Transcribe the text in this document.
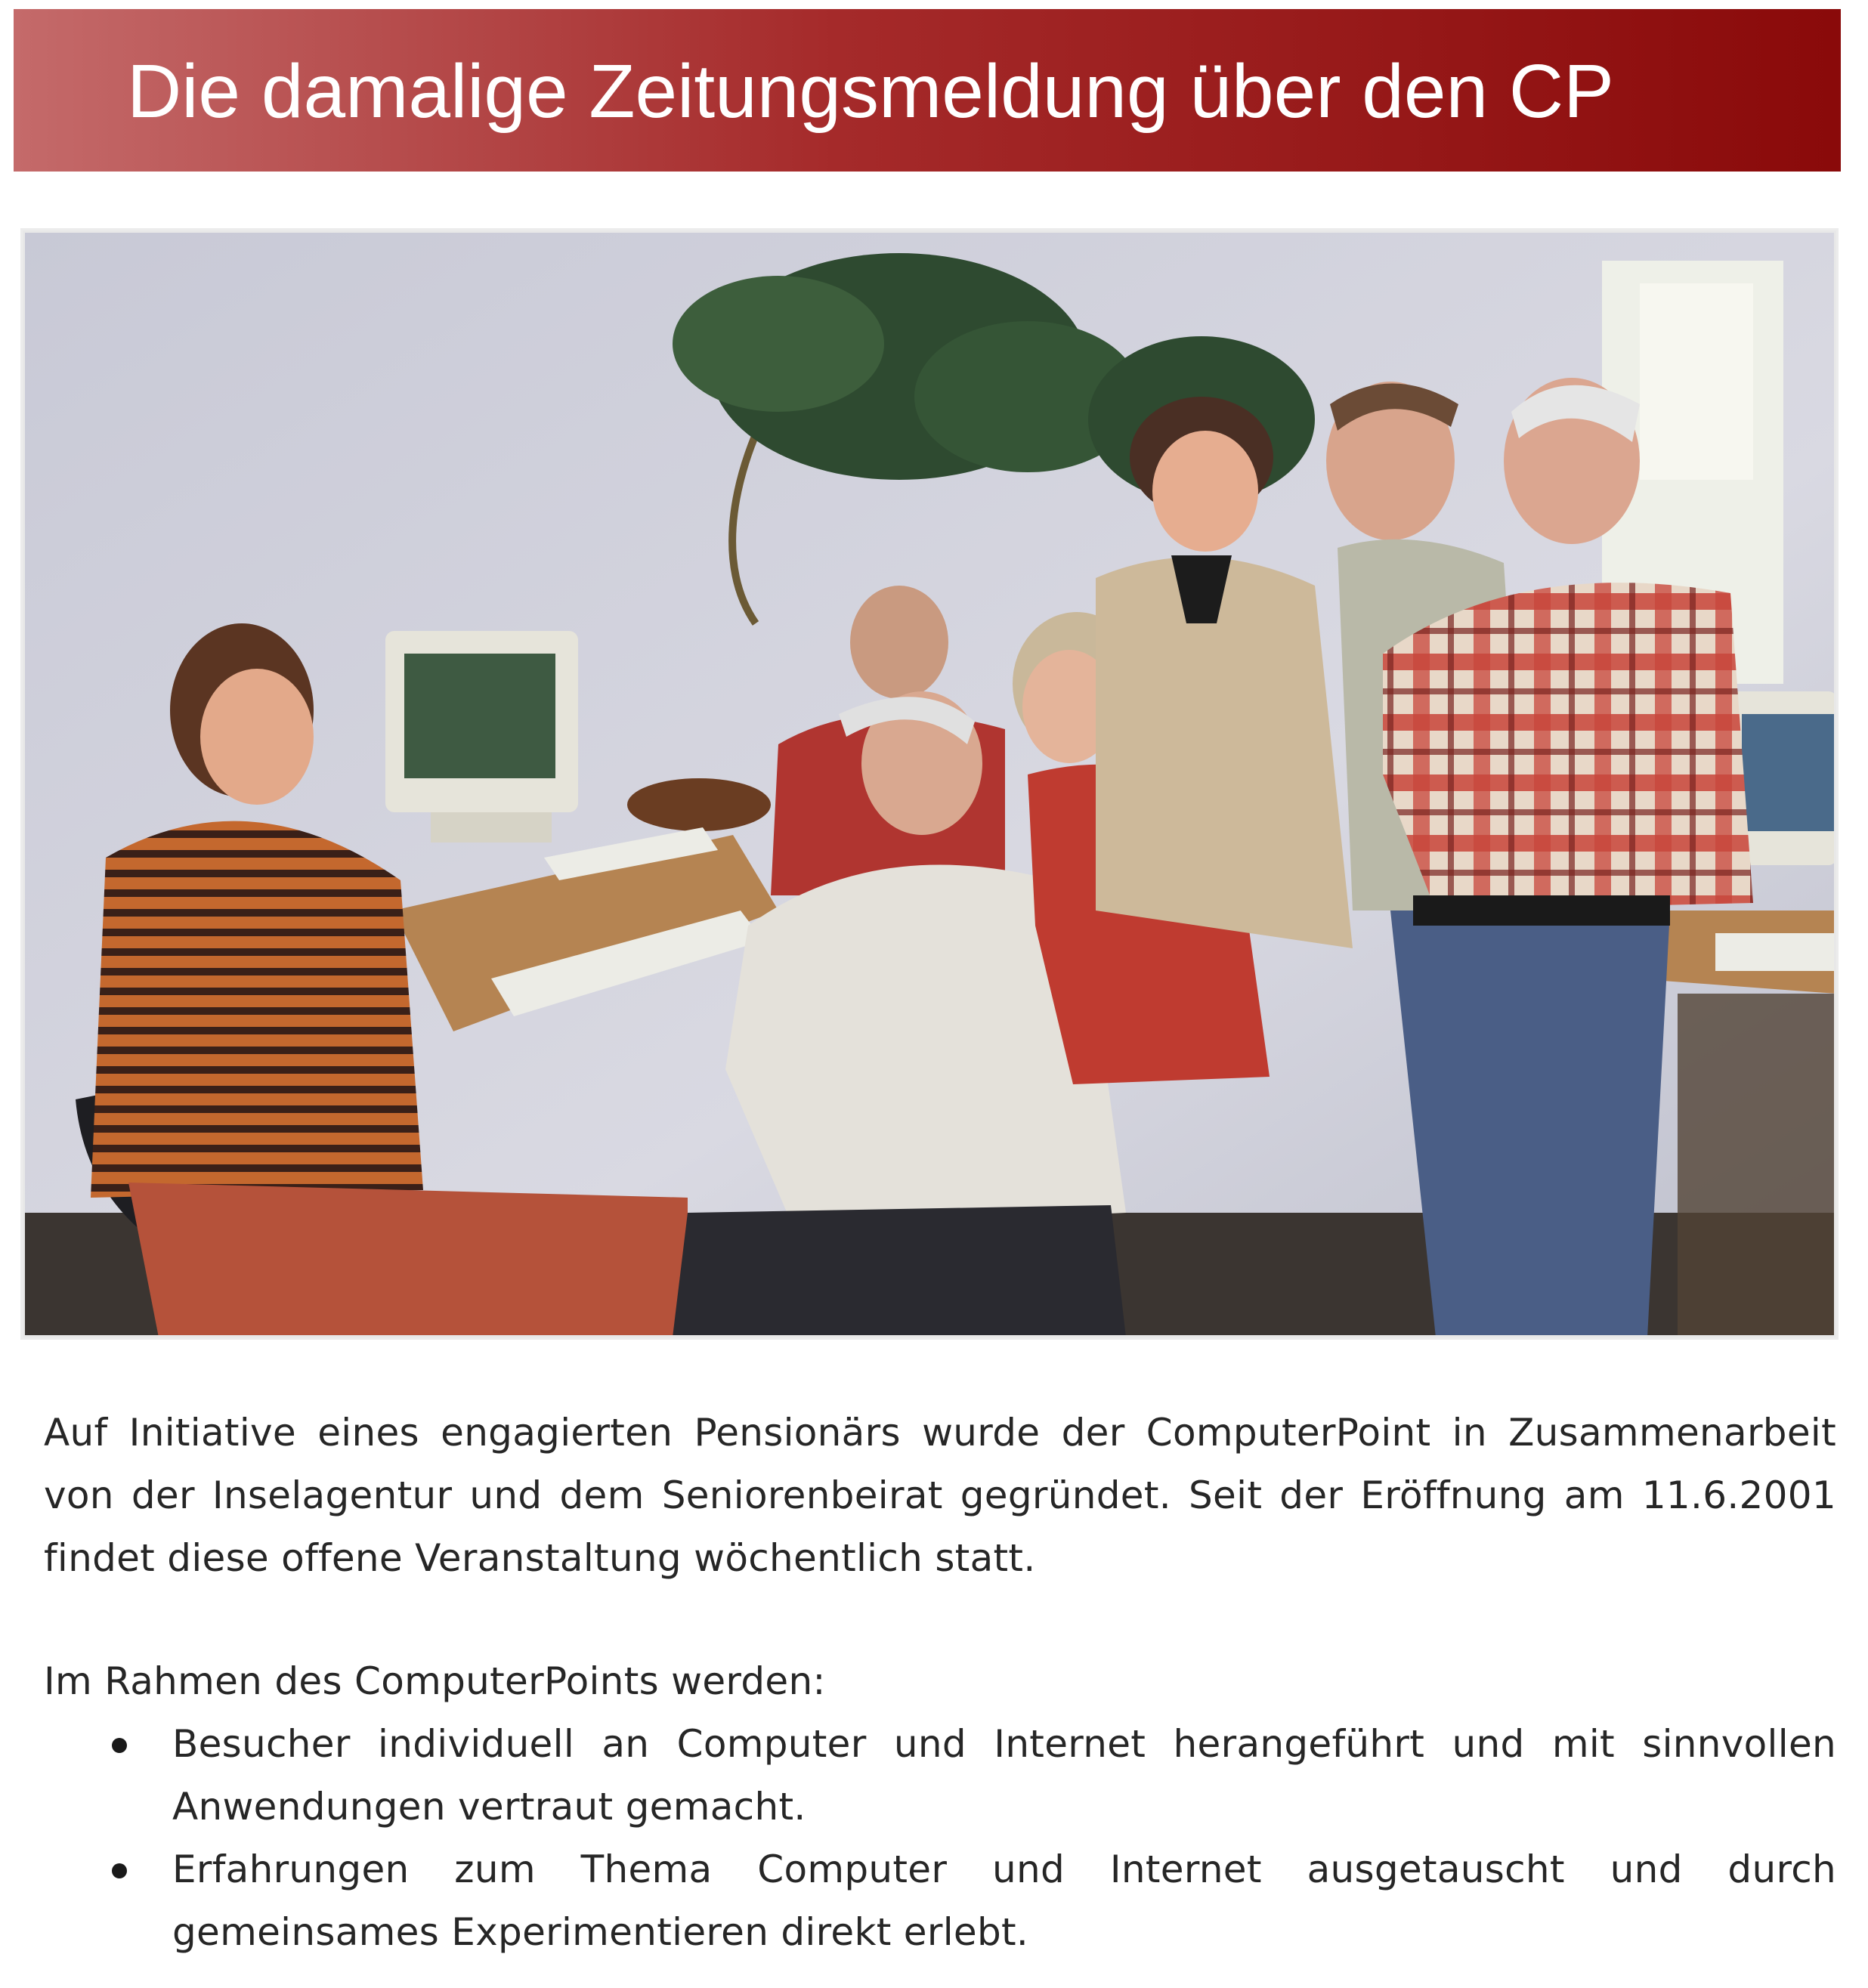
Die damalige Zeitungsmeldung über den CP

Auf Initiative eines engagierten Pensionärs wurde der ComputerPoint in Zusammenarbeit von der Inselagentur und dem Seniorenbeirat gegründet. Seit der Eröffnung am 11.6.2001 findet diese offene Veranstaltung wöchentlich statt.

Im Rahmen des ComputerPoints werden:

Besucher individuell an Computer und Internet herangeführt und mit sinnvollen Anwendungen vertraut gemacht.
Erfahrungen zum Thema Computer und Internet ausgetauscht und durch gemeinsames Experimentieren direkt erlebt.
